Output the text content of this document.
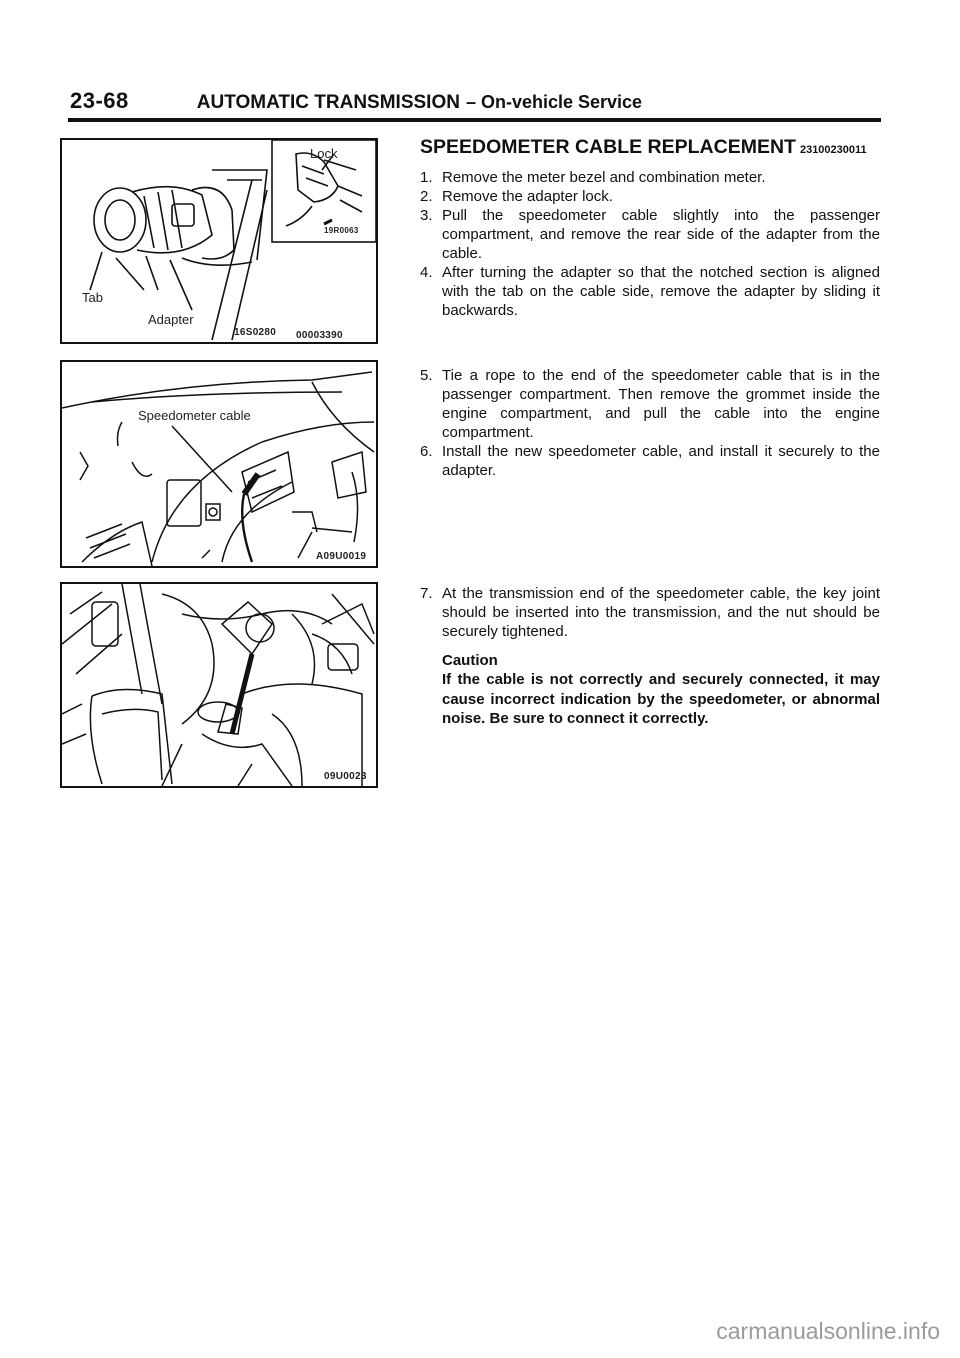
23-68	AUTOMATIC TRANSMISSION – On-vehicle Service
Lock
19R0063
Tab
Adapter
16S0280 00003390
Speedometer cable
A09U0019
09U0023
SPEEDOMETER CABLE REPLACEMENT 23100230011
1. Remove the meter bezel and combination meter.
2. Remove the adapter lock.
3. Pull the speedometer cable slightly into the passenger compartment, and remove the rear side of the adapter from the cable.
4. After turning the adapter so that the notched section is aligned with the tab on the cable side, remove the adapter by sliding it backwards.
5. Tie a rope to the end of the speedometer cable that is in the passenger compartment. Then remove the grommet inside the engine compartment, and pull the cable into the engine compartment.
6. Install the new speedometer cable, and install it securely to the adapter.
7. At the transmission end of the speedometer cable, the key joint should be inserted into the transmission, and the nut should be securely tightened.
Caution
If the cable is not correctly and securely connected, it may cause incorrect indication by the speedometer, or abnormal noise. Be sure to connect it correctly.
carmanualsonline.info
